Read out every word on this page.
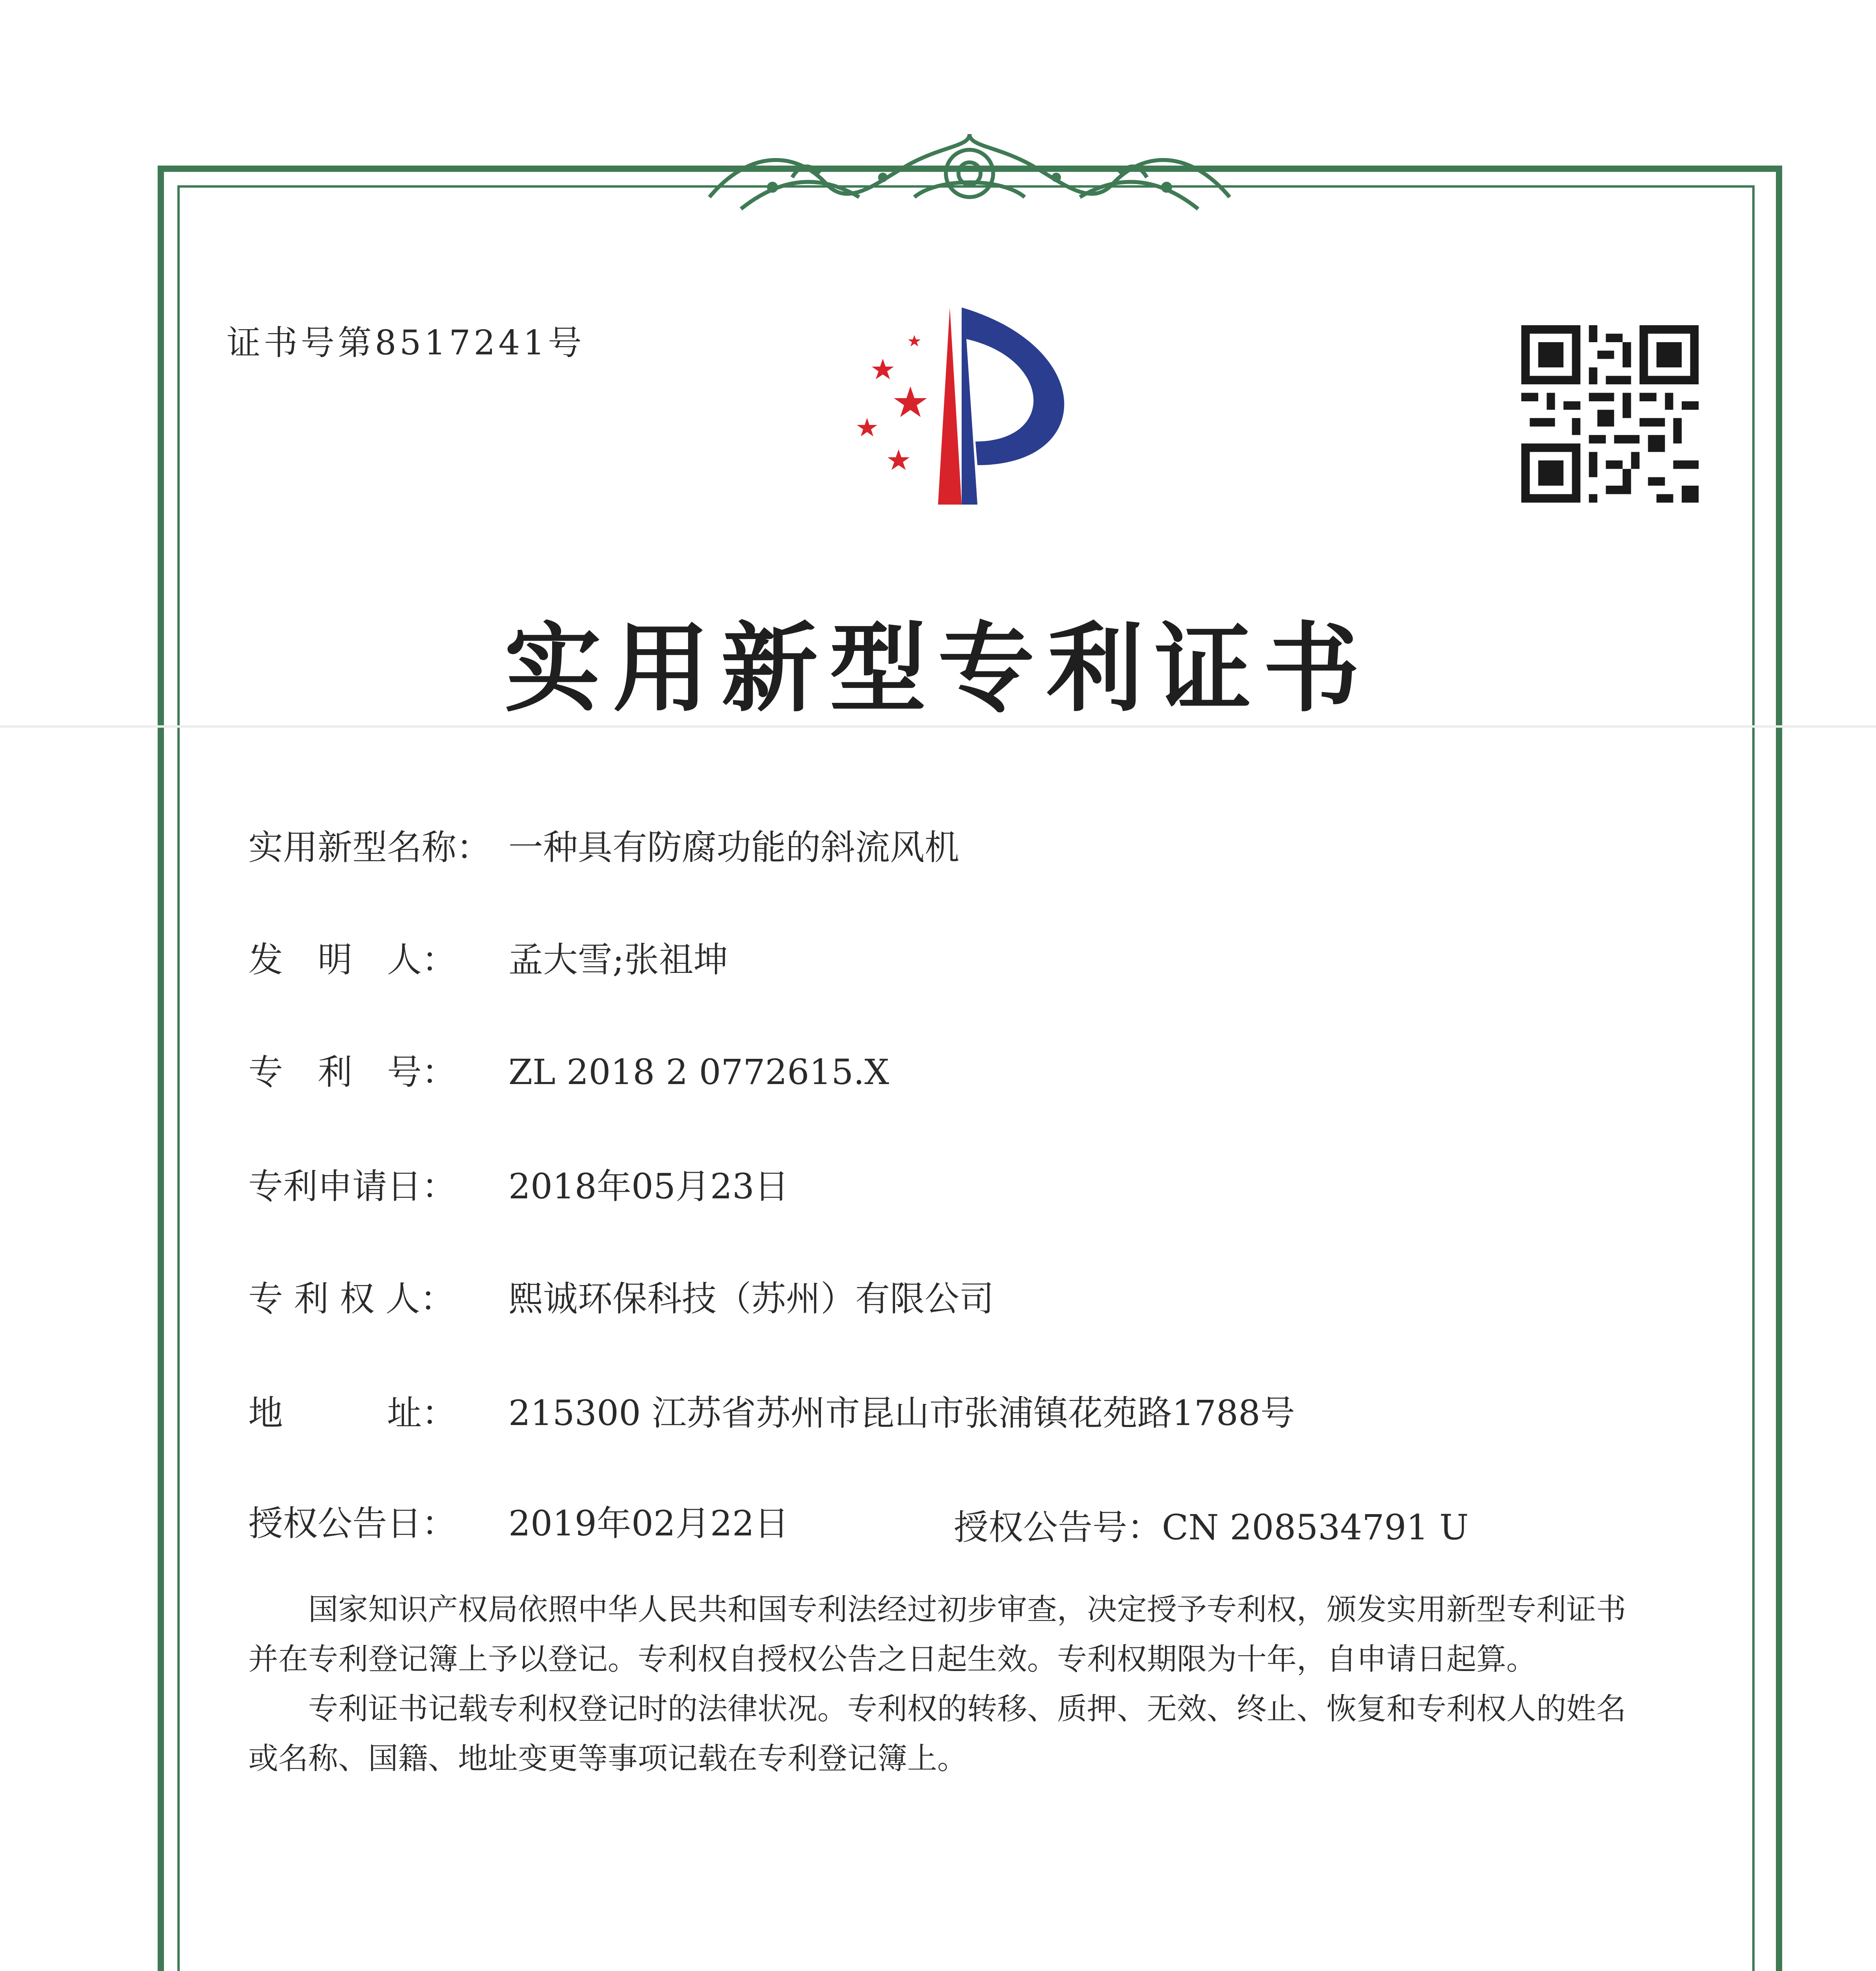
证书号第8517241号
实用新型专利证书
实用新型名称： 一种具有防腐功能的斜流风机
发　明　人： 孟大雪;张祖坤
专　利　号： ZL 2018 2 0772615.X
专利申请日： 2018年05月23日
专 利 权 人： 熙诚环保科技（苏州）有限公司
地　　　址： 215300 江苏省苏州市昆山市张浦镇花苑路1788号
授权公告日： 2019年02月22日	授权公告号：CN 208534791 U

国家知识产权局依照中华人民共和国专利法经过初步审查，决定授予专利权，颁发实用新型专利证书并在专利登记簿上予以登记。专利权自授权公告之日起生效。专利权期限为十年，自申请日起算。

专利证书记载专利权登记时的法律状况。专利权的转移、质押、无效、终止、恢复和专利权人的姓名或名称、国籍、地址变更等事项记载在专利登记簿上。
